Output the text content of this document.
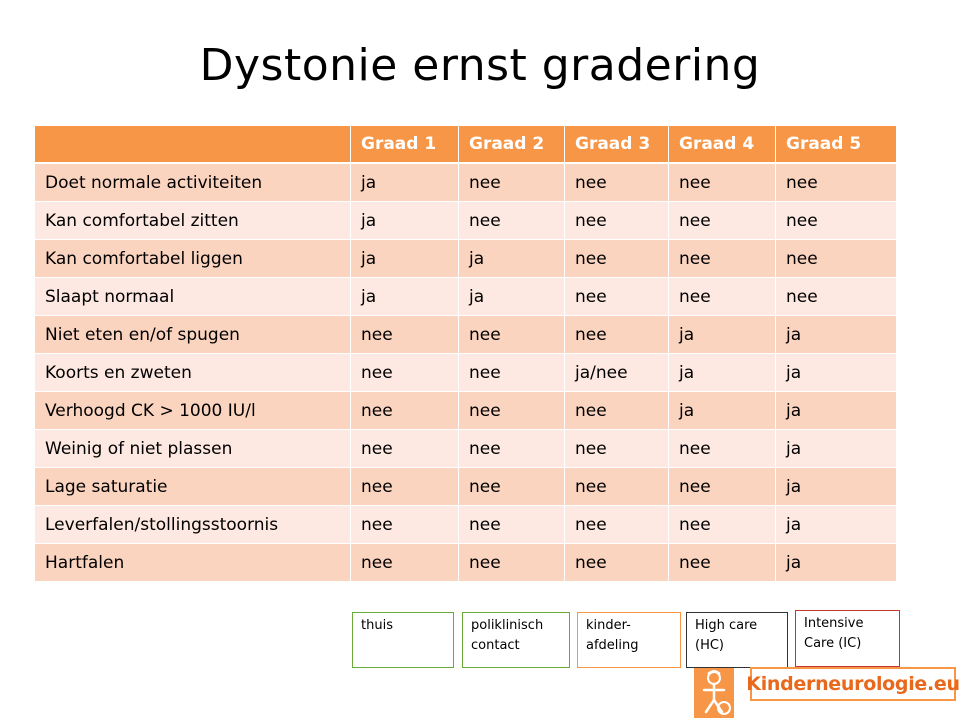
Dystonie ernst gradering
	Graad 1	Graad 2	Graad 3	Graad 4	Graad 5
Doet normale activiteiten	ja	nee	nee	nee	nee
Kan comfortabel zitten	ja	nee	nee	nee	nee
Kan comfortabel liggen	ja	ja	nee	nee	nee
Slaapt normaal	ja	ja	nee	nee	nee
Niet eten en/of spugen	nee	nee	nee	ja	ja
Koorts en zweten	nee	nee	ja/nee	ja	ja
Verhoogd CK > 1000 IU/l	nee	nee	nee	ja	ja
Weinig of niet plassen	nee	nee	nee	nee	ja
Lage saturatie	nee	nee	nee	nee	ja
Leverfalen/stollingsstoornis	nee	nee	nee	nee	ja
Hartfalen	nee	nee	nee	nee	ja
thuis	poliklinisch
contact
kinder-
afdeling
High care
(HC)
Intensive
Care (IC)
Kinderneurologie.eu
